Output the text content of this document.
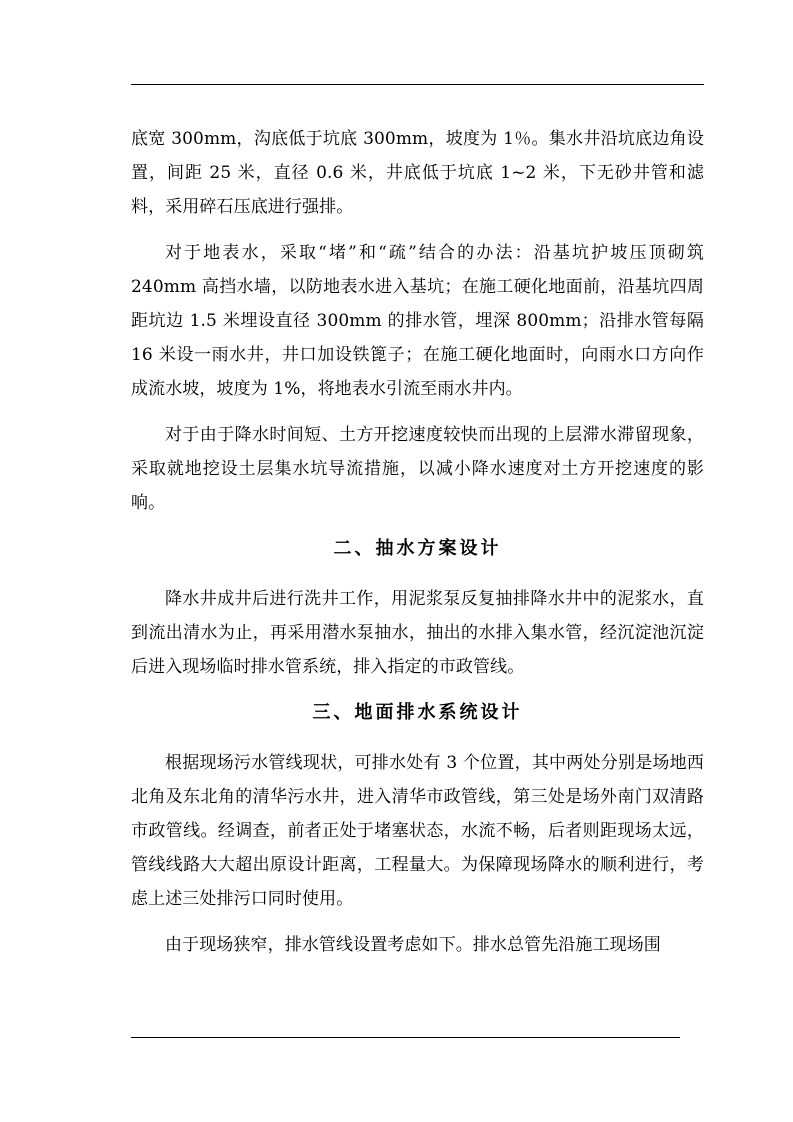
底宽 300mm，沟底低于坑底 300mm，坡度为 1％。集水井沿坑底边角设置，间距 25 米，直径 0.6 米，井底低于坑底 1~2 米，下无砂井管和滤料，采用碎石压底进行强排。

对于地表水，采取“堵”和“疏”结合的办法：沿基坑护坡压顶砌筑 240mm 高挡水墙，以防地表水进入基坑；在施工硬化地面前，沿基坑四周距坑边 1.5 米埋设直径 300mm 的排水管，埋深 800mm；沿排水管每隔 16 米设一雨水井，井口加设铁篦子；在施工硬化地面时，向雨水口方向作成流水坡，坡度为 1%，将地表水引流至雨水井内。

对于由于降水时间短、土方开挖速度较快而出现的上层滞水滞留现象，采取就地挖设土层集水坑导流措施，以减小降水速度对土方开挖速度的影响。

二、抽水方案设计

降水井成井后进行洗井工作，用泥浆泵反复抽排降水井中的泥浆水，直到流出清水为止，再采用潜水泵抽水，抽出的水排入集水管，经沉淀池沉淀后进入现场临时排水管系统，排入指定的市政管线。

三、地面排水系统设计

根据现场污水管线现状，可排水处有 3 个位置，其中两处分别是场地西北角及东北角的清华污水井，进入清华市政管线，第三处是场外南门双清路市政管线。经调查，前者正处于堵塞状态，水流不畅，后者则距现场太远，管线线路大大超出原设计距离，工程量大。为保障现场降水的顺利进行，考虑上述三处排污口同时使用。

由于现场狭窄，排水管线设置考虑如下。排水总管先沿施工现场围
